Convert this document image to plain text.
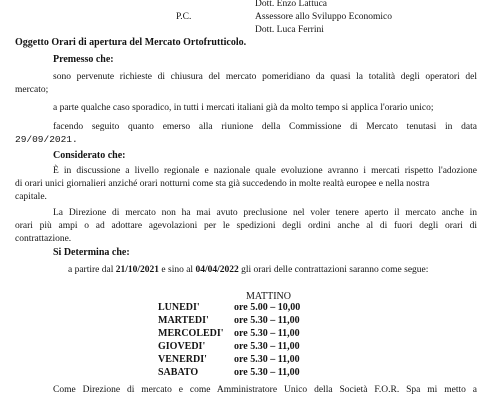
Dott. Enzo Lattuca
P.C.	Assessore allo Sviluppo Economico
Dott. Luca Ferrini
Oggetto Orari di apertura del Mercato Ortofrutticolo.
Premesso che:
sono pervenute richieste di chiusura del mercato pomeridiano da quasi la totalità degli operatori del
mercato;
a parte qualche caso sporadico, in tutti i mercati italiani già da molto tempo si applica l'orario unico;
facendo seguito quanto emerso alla riunione della Commissione di Mercato tenutasi in data
29/09/2021.
Considerato che:
È in discussione a livello regionale e nazionale quale evoluzione avranno i mercati rispetto l'adozione
di orari unici giornalieri anziché orari notturni come sta già succedendo in molte realtà europee e nella nostra
capitale.
La Direzione di mercato non ha mai avuto preclusione nel voler tenere aperto il mercato anche in
orari più ampi o ad adottare agevolazioni per le spedizioni degli ordini anche al di fuori degli orari di
contrattazione.
Si Determina che:
a partire dal 21/10/2021 e sino al 04/04/2022 gli orari delle contrattazioni saranno come segue:
MATTINO
LUNEDI'	ore 5.00 – 10,00
MARTEDI'	ore 5.30 – 11,00
MERCOLEDI' ore 5.30 – 11,00
GIOVEDI'	ore 5.30 – 11,00
VENERDI'	ore 5.30 – 11,00
SABATO	ore 5.30 – 11,00
Come Direzione di mercato e come Amministratore Unico della Società F.O.R. Spa mi metto a
